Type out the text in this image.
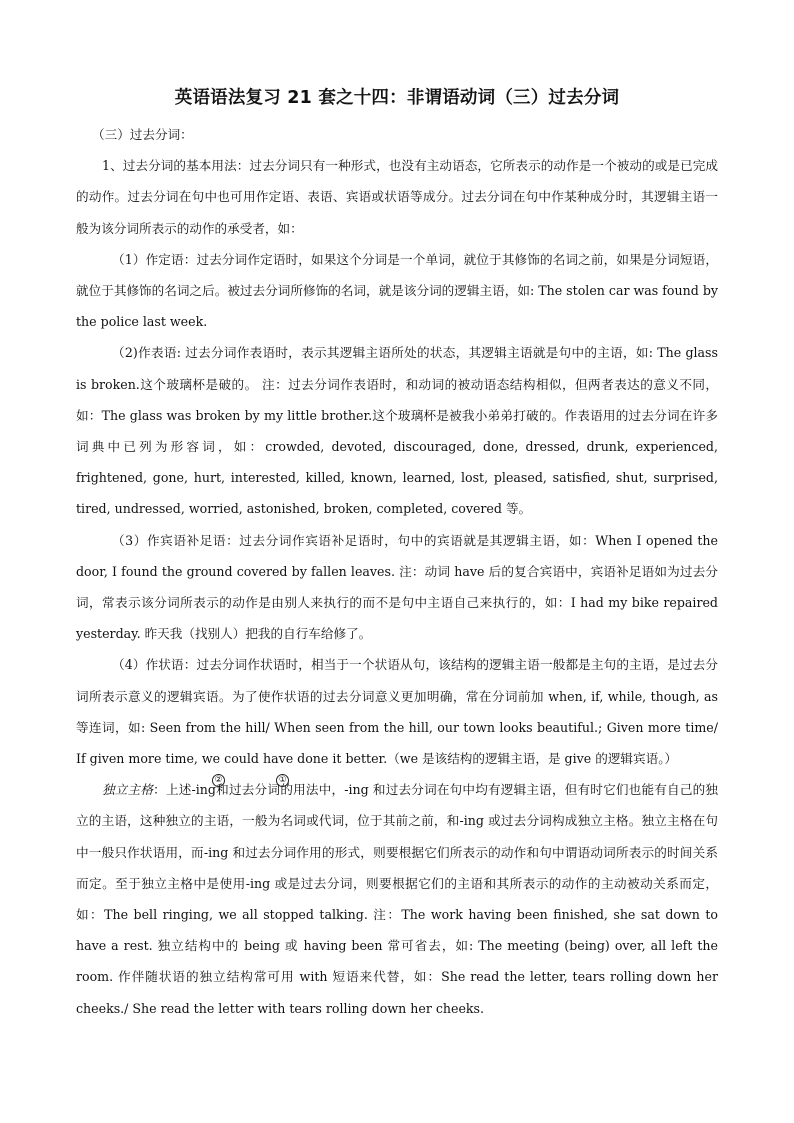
英语语法复习 21 套之十四：非谓语动词（三）过去分词

（三）过去分词：

1、过去分词的基本用法：过去分词只有一种形式，也没有主动语态，它所表示的动作是一个被动的或是已完成的动作。过去分词在句中也可用作定语、表语、宾语或状语等成分。过去分词在句中作某种成分时，其逻辑主语一般为该分词所表示的动作的承受者，如：

（1）作定语：过去分词作定语时，如果这个分词是一个单词，就位于其修饰的名词之前，如果是分词短语，就位于其修饰的名词之后。被过去分词所修饰的名词，就是该分词的逻辑主语，如: The stolen car was found by the police last week.

（2)作表语: 过去分词作表语时，表示其逻辑主语所处的状态，其逻辑主语就是句中的主语，如: The glass is broken.这个玻璃杯是破的。 注：过去分词作表语时，和动词的被动语态结构相似，但两者表达的意义不同，如：The glass was broken by my little brother.这个玻璃杯是被我小弟弟打破的。作表语用的过去分词在许多词典中已列为形容词，如：crowded, devoted, discouraged, done, dressed, drunk, experienced, frightened, gone, hurt, interested, killed, known, learned, lost, pleased, satisfied, shut, surprised, tired, undressed, worried, astonished, broken, completed, covered 等。

（3）作宾语补足语：过去分词作宾语补足语时，句中的宾语就是其逻辑主语，如：When I opened the door, I found the ground covered by fallen leaves. 注：动词 have 后的复合宾语中，宾语补足语如为过去分词，常表示该分词所表示的动作是由别人来执行的而不是句中主语自己来执行的，如：I had my bike repaired yesterday. 昨天我（找别人）把我的自行车给修了。

（4）作状语：过去分词作状语时，相当于一个状语从句，该结构的逻辑主语一般都是主句的主语，是过去分词所表示意义的逻辑宾语。为了使作状语的过去分词意义更加明确，常在分词前加 when, if, while, though, as 等连词，如: Seen from the hill/ When seen from the hill, our town looks beautiful.; Given more time/ If given more time, we could have done it better.（we 是该结构的逻辑主语，是 give 的逻辑宾语。）

独立主格：上述-ing
②
和过去分词
①
的用法中，-ing 和过去分词在句中均有逻辑主语，但有时它们也能有自己的独立的主语，这种独立的主语，一般为名词或代词，位于其前之前，和-ing 或过去分词构成独立主格。独立主格在句中一般只作状语用，而-ing 和过去分词作用的形式，则要根据它们所表示的动作和句中谓语动词所表示的时间关系而定。至于独立主格中是使用-ing 或是过去分词，则要根据它们的主语和其所表示的动作的主动被动关系而定，如：The bell ringing, we all stopped talking. 注：The work having been finished, she sat down to have a rest. 独立结构中的 being 或 having been 常可省去，如: The meeting (being) over, all left the room. 作伴随状语的独立结构常可用 with 短语来代替，如：She read the letter, tears rolling down her cheeks./ She read the letter with tears rolling down her cheeks.
